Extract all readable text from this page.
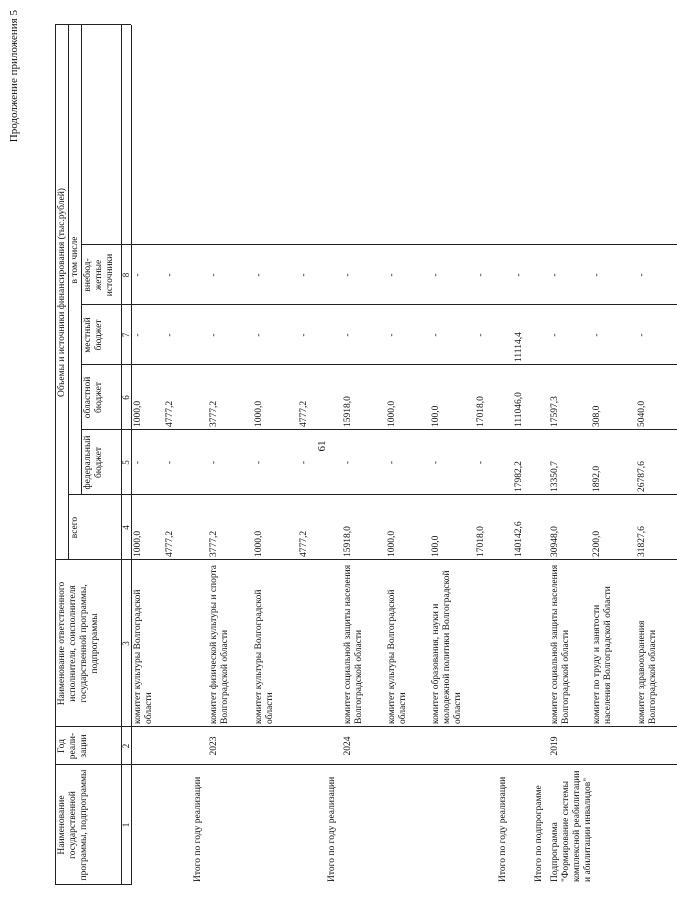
61
Продолжение приложения 5
Наименование государственной программы, подпрограммы
Год реали-зации
Наименование ответственного исполнителя, соисполнителя государственной программы, подпрограммы
Объемы и источники финансирования (тыс.рублей)
всего
в том числе
федеральный бюджет
областной бюджет
местный бюджет
внебюд-жетные источники
1
2
3
4
5
6
7
8
комитет культуры Волгоградской области
1000,0
-
1000,0
-
-
Итого по году реализации
4777,2
-
4777,2
-
-
2023
комитет физической культуры и спорта Волгоградской области
3777,2
-
3777,2
-
-
комитет культуры Волгоградской области
1000,0
-
1000,0
-
-
Итого по году реализации
4777,2
-
4777,2
-
-
2024
комитет социальной защиты населения Волгоградской области
15918,0
-
15918,0
-
-
комитет культуры Волгоградской области
1000,0
-
1000,0
-
-
комитет образования, науки и молодежной политики Волгоградской области
100,0
-
100,0
-
-
Итого по году реализации
17018,0
-
17018,0
-
-
Итого по подпрограмме
140142,6
17982,2
111046,0
11114,4
-
Подпрограмма "Формирование системы комплексной реабилитации и абилитации инвалидов"
2019
комитет социальной защиты населения Волгоградской области
30948,0
13350,7
17597,3
-
-
комитет по труду и занятости населения Волгоградской области
2200,0
1892,0
308,0
-
-
комитет здравоохранения Волгоградской области
31827,6
26787,6
5040,0
-
-
